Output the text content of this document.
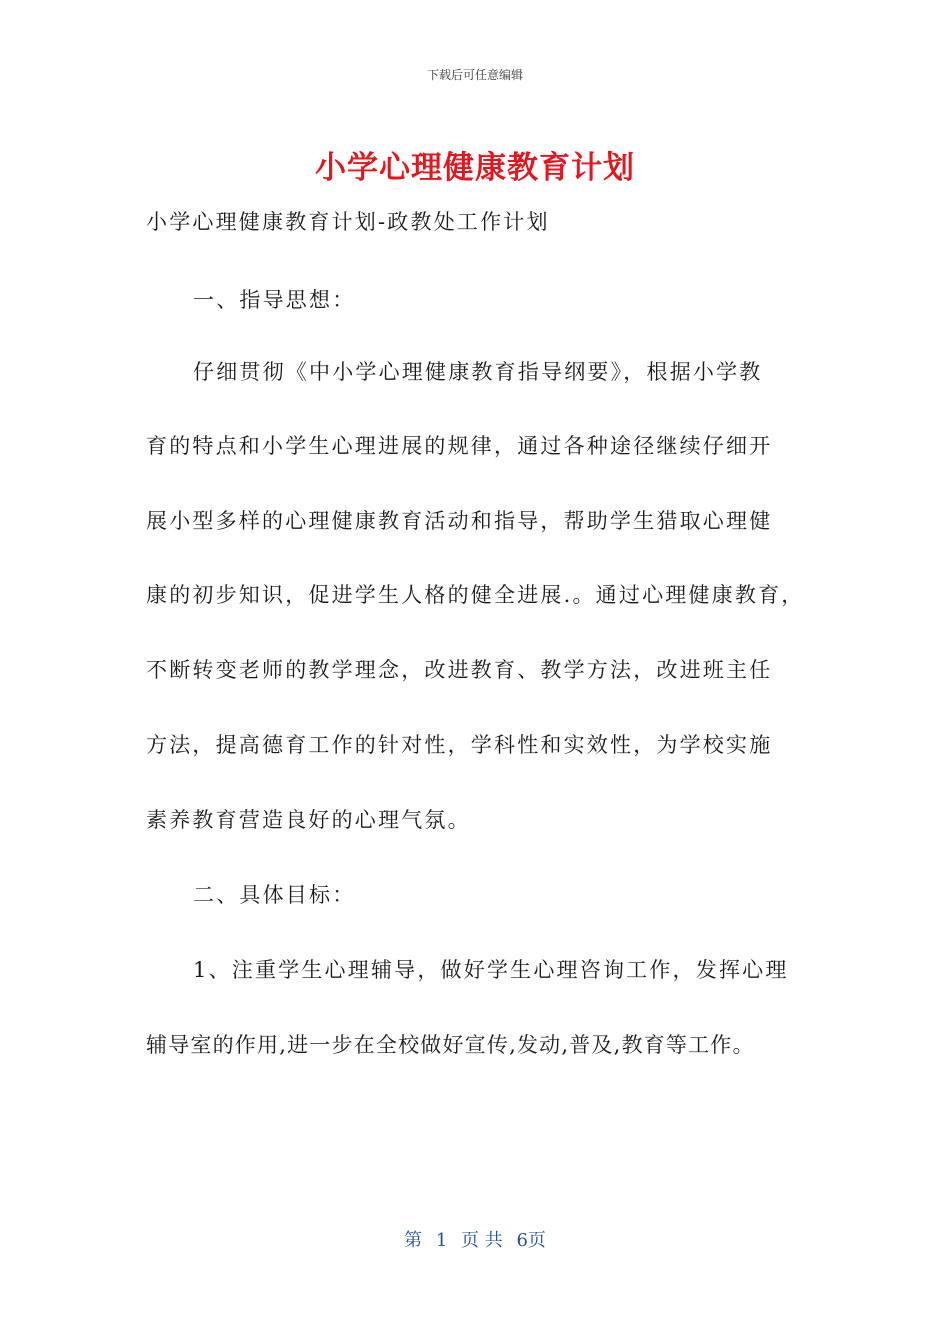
下载后可任意编辑
小学心理健康教育计划
小学心理健康教育计划-政教处工作计划
一、指导思想：
仔细贯彻《中小学心理健康教育指导纲要》，根据小学教
育的特点和小学生心理进展的规律，通过各种途径继续仔细开
展小型多样的心理健康教育活动和指导，帮助学生猎取心理健
康的初步知识，促进学生人格的健全进展.。通过心理健康教育，
不断转变老师的教学理念，改进教育、教学方法，改进班主任
方法，提高德育工作的针对性，学科性和实效性，为学校实施
素养教育营造良好的心理气氛。
二、具体目标：
1、注重学生心理辅导，做好学生心理咨询工作，发挥心理
辅导室的作用,进一步在全校做好宣传,发动,普及,教育等工作。
第 1 页 共 6页
